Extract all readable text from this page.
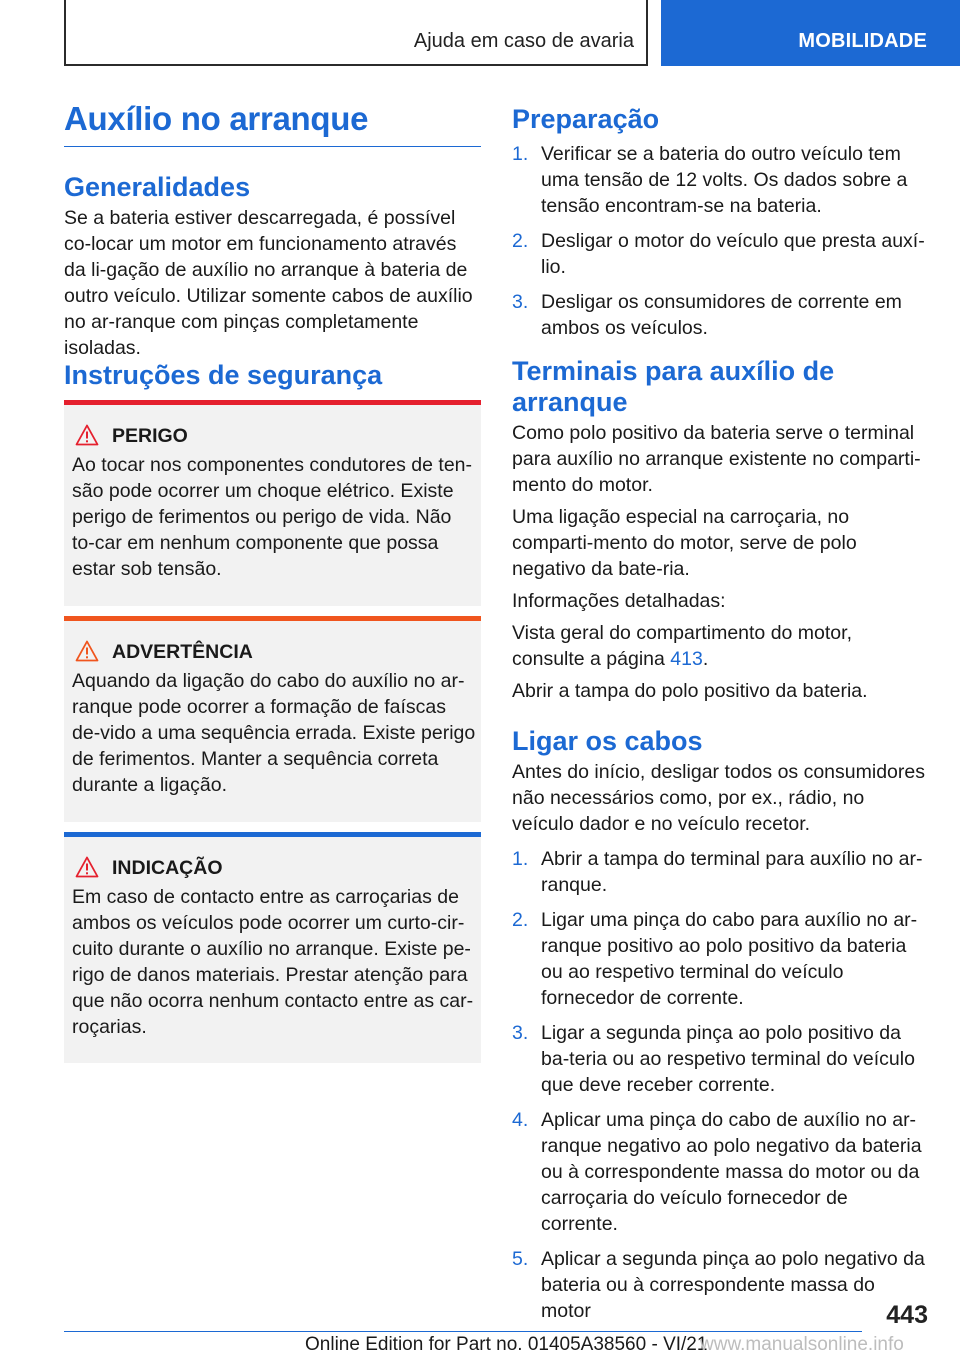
Ajuda em caso de avaria	MOBILIDADE
Auxílio no arranque
Generalidades
Se a bateria estiver descarregada, é possível co-locar um motor em funcionamento através da li-gação de auxílio no arranque à bateria de outro veículo. Utilizar somente cabos de auxílio no ar-ranque com pinças completamente isoladas.
Instruções de segurança
PERIGO
Ao tocar nos componentes condutores de ten-são pode ocorrer um choque elétrico. Existe perigo de ferimentos ou perigo de vida. Não to-car em nenhum componente que possa estar sob tensão.
ADVERTÊNCIA
Aquando da ligação do cabo do auxílio no ar-ranque pode ocorrer a formação de faíscas de-vido a uma sequência errada. Existe perigo de ferimentos. Manter a sequência correta durante a ligação.
INDICAÇÃO
Em caso de contacto entre as carroçarias de ambos os veículos pode ocorrer um curto-cir-cuito durante o auxílio no arranque. Existe pe-rigo de danos materiais. Prestar atenção para que não ocorra nenhum contacto entre as car-roçarias.
Preparação
1. Verificar se a bateria do outro veículo tem uma tensão de 12 volts. Os dados sobre a tensão encontram-se na bateria.
2. Desligar o motor do veículo que presta auxí-lio.
3. Desligar os consumidores de corrente em ambos os veículos.
Terminais para auxílio de arranque
Como polo positivo da bateria serve o terminal para auxílio no arranque existente no comparti-mento do motor.
Uma ligação especial na carroçaria, no comparti-mento do motor, serve de polo negativo da bate-ria.
Informações detalhadas:
Vista geral do compartimento do motor, consulte a página 413.
Abrir a tampa do polo positivo da bateria.
Ligar os cabos
Antes do início, desligar todos os consumidores não necessários como, por ex., rádio, no veículo dador e no veículo recetor.
1. Abrir a tampa do terminal para auxílio no ar-ranque.
2. Ligar uma pinça do cabo para auxílio no ar-ranque positivo ao polo positivo da bateria ou ao respetivo terminal do veículo fornecedor de corrente.
3. Ligar a segunda pinça ao polo positivo da ba-teria ou ao respetivo terminal do veículo que deve receber corrente.
4. Aplicar uma pinça do cabo de auxílio no ar-ranque negativo ao polo negativo da bateria ou à correspondente massa do motor ou da carroçaria do veículo fornecedor de corrente.
5. Aplicar a segunda pinça ao polo negativo da bateria ou à correspondente massa do motor	443
Online Edition for Part no. 01405A38560 - VI/21
www.manualsonline.info
